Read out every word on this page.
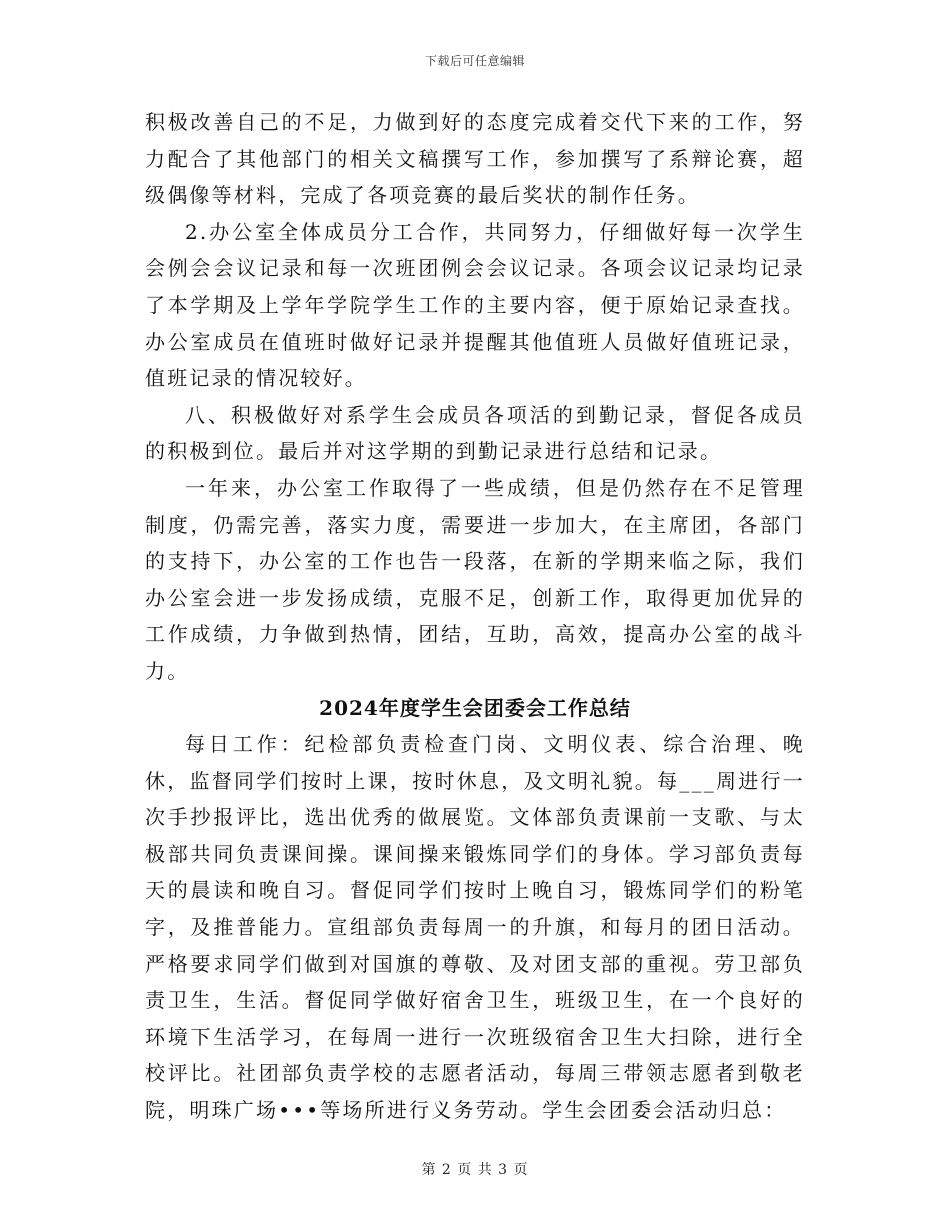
下载后可任意编辑

积极改善自己的不足，力做到好的态度完成着交代下来的工作，努力配合了其他部门的相关文稿撰写工作，参加撰写了系辩论赛，超级偶像等材料，完成了各项竞赛的最后奖状的制作任务。

2.办公室全体成员分工合作，共同努力，仔细做好每一次学生会例会会议记录和每一次班团例会会议记录。各项会议记录均记录了本学期及上学年学院学生工作的主要内容，便于原始记录查找。办公室成员在值班时做好记录并提醒其他值班人员做好值班记录，值班记录的情况较好。

八、积极做好对系学生会成员各项活的到勤记录，督促各成员的积极到位。最后并对这学期的到勤记录进行总结和记录。

一年来，办公室工作取得了一些成绩，但是仍然存在不足管理制度，仍需完善，落实力度，需要进一步加大，在主席团，各部门的支持下，办公室的工作也告一段落，在新的学期来临之际，我们办公室会进一步发扬成绩，克服不足，创新工作，取得更加优异的工作成绩，力争做到热情，团结，互助，高效，提高办公室的战斗力。

2024年度学生会团委会工作总结

每日工作：纪检部负责检查门岗、文明仪表、综合治理、晚休，监督同学们按时上课，按时休息，及文明礼貌。每___周进行一次手抄报评比，选出优秀的做展览。文体部负责课前一支歌、与太极部共同负责课间操。课间操来锻炼同学们的身体。学习部负责每天的晨读和晚自习。督促同学们按时上晚自习，锻炼同学们的粉笔字，及推普能力。宣组部负责每周一的升旗，和每月的团日活动。严格要求同学们做到对国旗的尊敬、及对团支部的重视。劳卫部负责卫生，生活。督促同学做好宿舍卫生，班级卫生，在一个良好的环境下生活学习，在每周一进行一次班级宿舍卫生大扫除，进行全校评比。社团部负责学校的志愿者活动，每周三带领志愿者到敬老院，明珠广场•••等场所进行义务劳动。学生会团委会活动归总：

第 2 页 共 3 页
